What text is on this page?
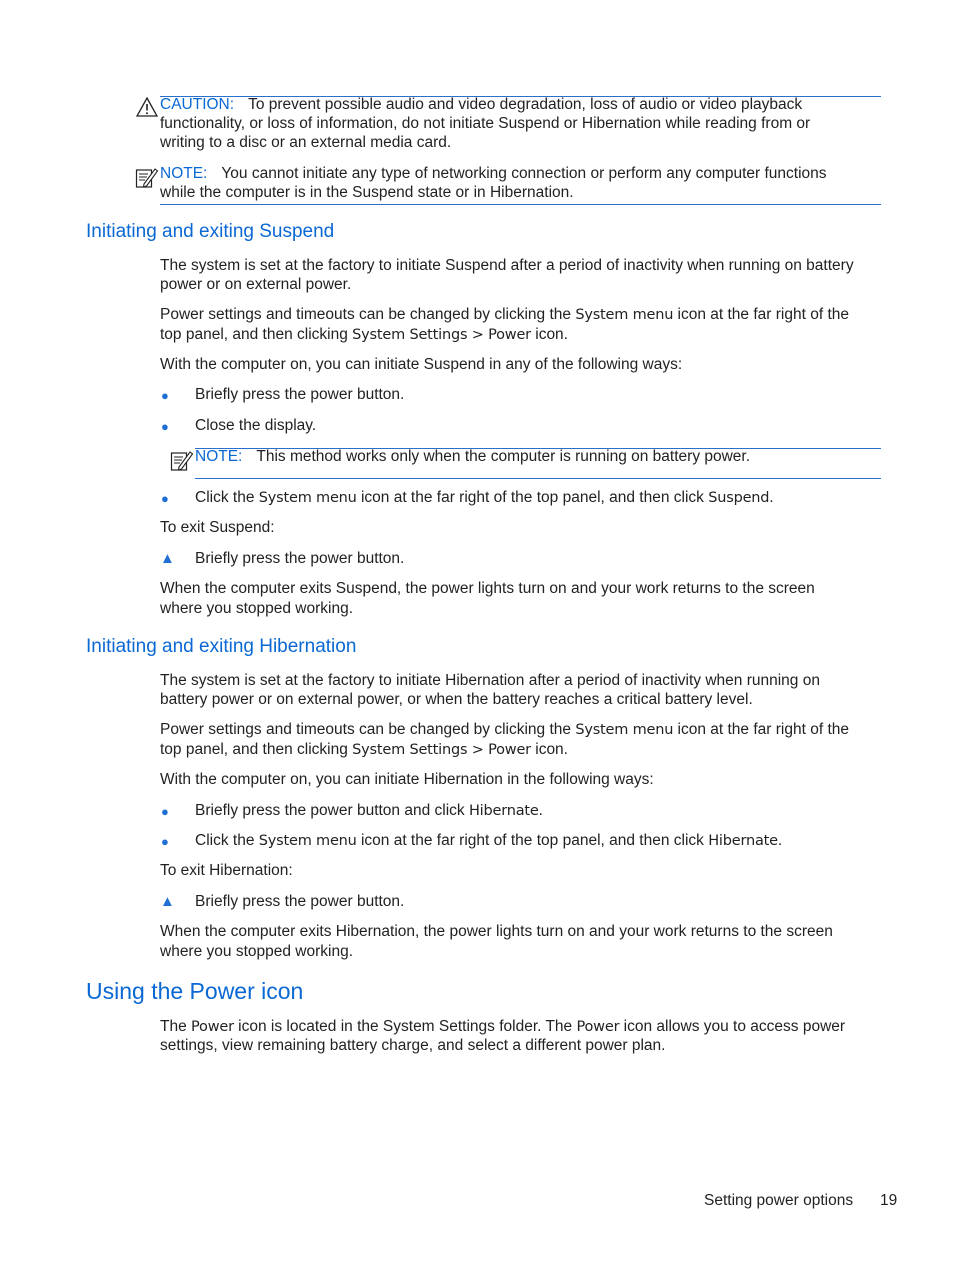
CAUTION: To prevent possible audio and video degradation, loss of audio or video playback
functionality, or loss of information, do not initiate Suspend or Hibernation while reading from or
writing to a disc or an external media card.
NOTE: You cannot initiate any type of networking connection or perform any computer functions
while the computer is in the Suspend state or in Hibernation.
Initiating and exiting Suspend
The system is set at the factory to initiate Suspend after a period of inactivity when running on battery
power or on external power.
Power settings and timeouts can be changed by clicking the System menu icon at the far right of the
top panel, and then clicking System Settings > Power icon.
With the computer on, you can initiate Suspend in any of the following ways:
● Briefly press the power button.
● Close the display.
NOTE: This method works only when the computer is running on battery power.
● Click the System menu icon at the far right of the top panel, and then click Suspend.
To exit Suspend:
▲ Briefly press the power button.
When the computer exits Suspend, the power lights turn on and your work returns to the screen
where you stopped working.
Initiating and exiting Hibernation
The system is set at the factory to initiate Hibernation after a period of inactivity when running on
battery power or on external power, or when the battery reaches a critical battery level.
Power settings and timeouts can be changed by clicking the System menu icon at the far right of the
top panel, and then clicking System Settings > Power icon.
With the computer on, you can initiate Hibernation in the following ways:
● Briefly press the power button and click Hibernate.
● Click the System menu icon at the far right of the top panel, and then click Hibernate.
To exit Hibernation:
▲ Briefly press the power button.
When the computer exits Hibernation, the power lights turn on and your work returns to the screen
where you stopped working.
Using the Power icon
The Power icon is located in the System Settings folder. The Power icon allows you to access power
settings, view remaining battery charge, and select a different power plan.
Setting power options 19
